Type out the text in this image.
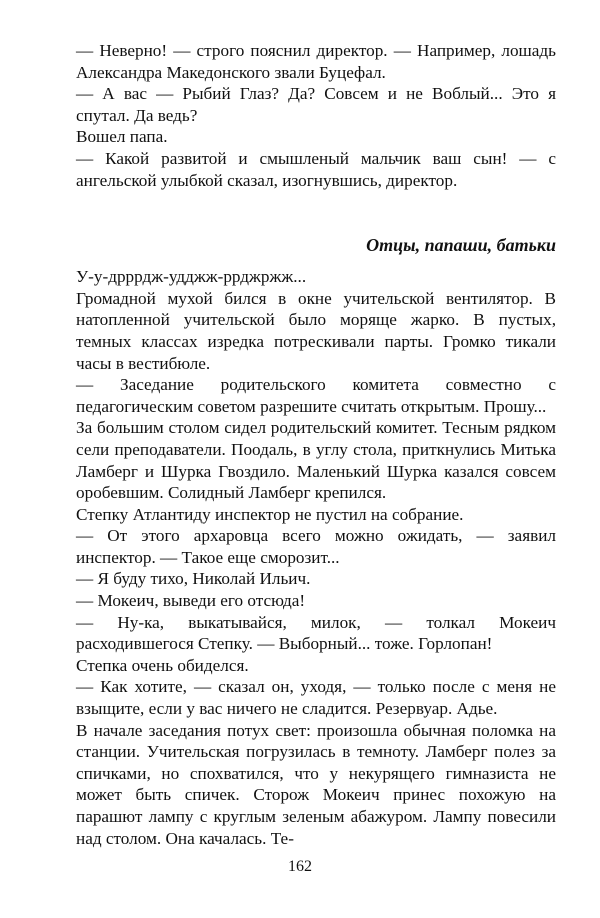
— Неверно! — строго пояснил директор. — Например, лошадь Александра Македонского звали Буцефал.

— А вас — Рыбий Глаз? Да? Совсем и не Воблый... Это я спутал. Да ведь?

Вошел папа.

— Какой развитой и смышленый мальчик ваш сын! — с ангельской улыбкой сказал, изогнувшись, директор.

Отцы, папаши, батьки

У-у-дрррдж-удджж-ррджржж...

Громадной мухой бился в окне учительской вентилятор. В натопленной учительской было моряще жарко. В пустых, темных классах изредка потрескивали парты. Громко тикали часы в вестибюле.

— Заседание родительского комитета совместно с педагогическим советом разрешите считать открытым. Прошу...

За большим столом сидел родительский комитет. Тесным рядком сели преподаватели. Поодаль, в углу стола, приткнулись Митька Ламберг и Шурка Гвоздило. Маленький Шурка казался совсем оробевшим. Солидный Ламберг крепился.

Степку Атлантиду инспектор не пустил на собрание.

— От этого архаровца всего можно ожидать, — заявил инспектор. — Такое еще сморозит...

— Я буду тихо, Николай Ильич.

— Мокеич, выведи его отсюда!

— Ну-ка, выкатывайся, милок, — толкал Мокеич расходившегося Степку. — Выборный... тоже. Горлопан!

Степка очень обиделся.

— Как хотите, — сказал он, уходя, — только после с меня не взыщите, если у вас ничего не сладится. Резервуар. Адье.

В начале заседания потух свет: произошла обычная поломка на станции. Учительская погрузилась в темноту. Ламберг полез за спичками, но спохватился, что у некурящего гимназиста не может быть спичек. Сторож Мокеич принес похожую на парашют лампу с круглым зеленым абажуром. Лампу повесили над столом. Она качалась. Те-

162
